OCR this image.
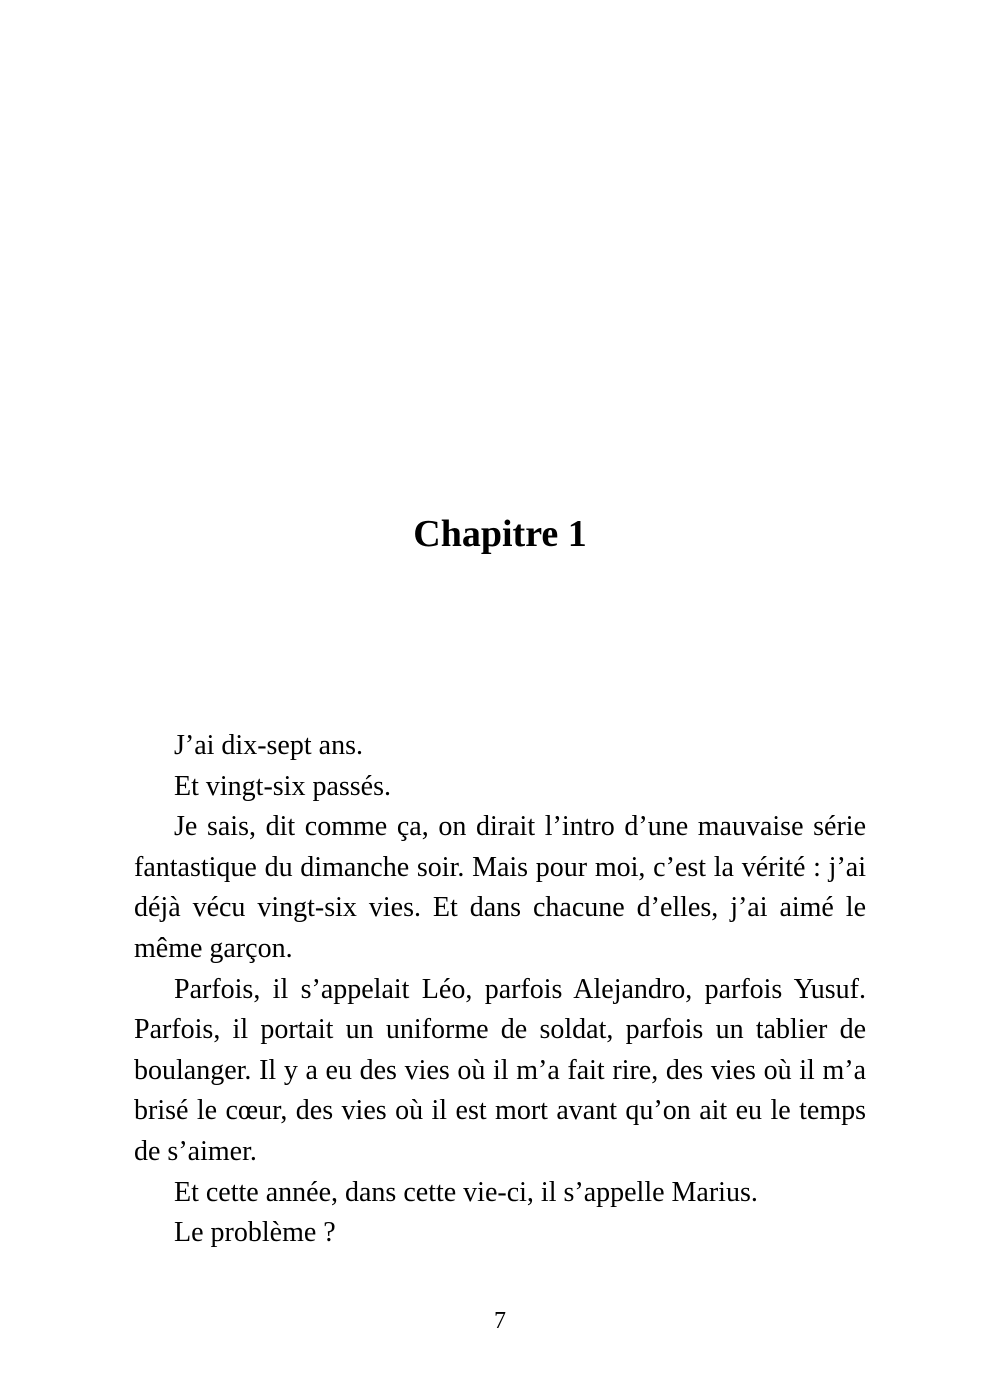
Chapitre 1

J’ai dix-sept ans.

Et vingt-six passés.

Je sais, dit comme ça, on dirait l’intro d’une mauvaise série fantastique du dimanche soir. Mais pour moi, c’est la vérité : j’ai déjà vécu vingt-six vies. Et dans chacune d’elles, j’ai aimé le même garçon.

Parfois, il s’appelait Léo, parfois Alejandro, parfois Yusuf. Parfois, il portait un uniforme de soldat, parfois un tablier de boulanger. Il y a eu des vies où il m’a fait rire, des vies où il m’a brisé le cœur, des vies où il est mort avant qu’on ait eu le temps de s’aimer.

Et cette année, dans cette vie-ci, il s’appelle Marius.

Le problème ?

7
